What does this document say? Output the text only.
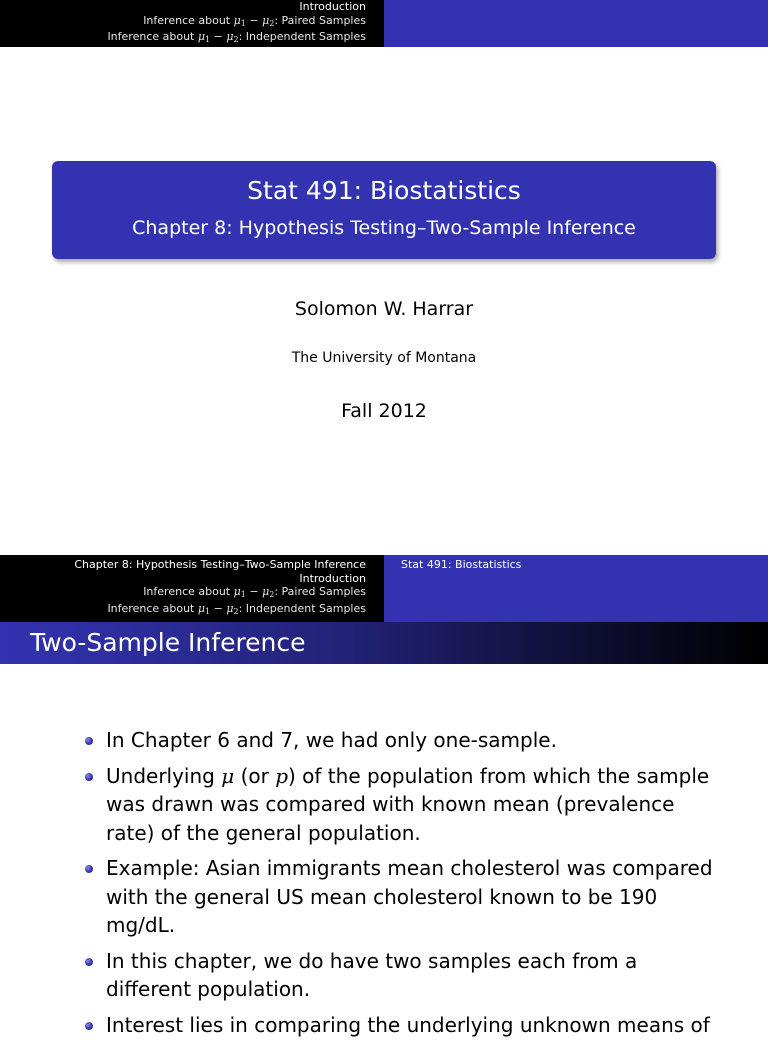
Introduction
Inference about $\mu_1 - \mu_2$: Paired Samples
Inference about $\mu_1 - \mu_2$: Independent Samples
Stat 491: Biostatistics
Chapter 8: Hypothesis Testing–Two-Sample Inference
Solomon W. Harrar
The University of Montana
Fall 2012
Chapter 8: Hypothesis Testing–Two-Sample Inference
Introduction
Inference about $\mu_1 - \mu_2$: Paired Samples
Inference about $\mu_1 - \mu_2$: Independent Samples
Stat 491: Biostatistics
Two-Sample Inference
In Chapter 6 and 7, we had only one-sample.
Underlying μ (or p) of the population from which the sample was drawn was compared with known mean (prevalence rate) of the general population.
Example: Asian immigrants mean cholesterol was compared with the general US mean cholesterol known to be 190 mg/dL.
In this chapter, we do have two samples each from a different population.
Interest lies in comparing the underlying unknown means of
